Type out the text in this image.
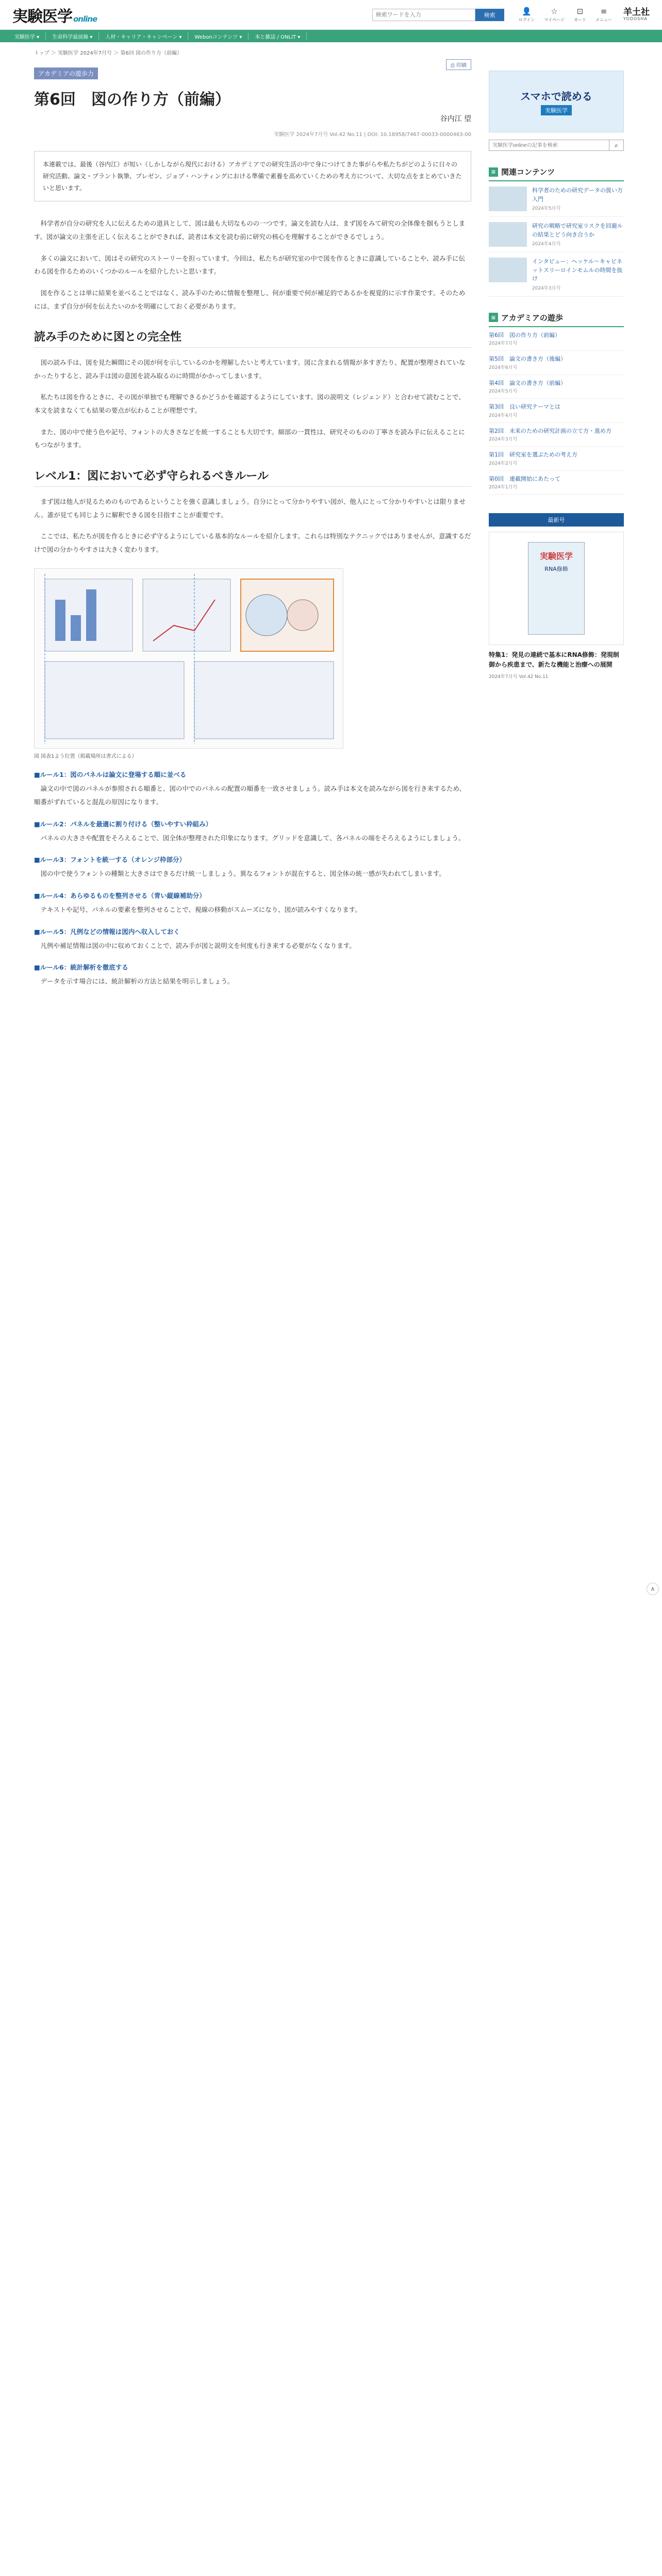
実験医学 online
検索ワードを入力	検索	👤
ログイン
☆
マイページ
⊡
カート
≡
メニュー
羊土社
YODOSHA
実験医学 ▾	生命科学最前線 ▾	人材・キャリア・キャンペーン ▾	Webonコンテンツ ▾	本と雑誌 / ONLIT ▾
トップ ＞ 実験医学 2024年7月号 ＞ 第6回 図の作り方（前編）
アカデミアの遊歩力
⎙ 印刷
第6回　図の作り方（前編）
谷内江 望
実験医学 2024年7月号 Vol.42 No.11 | DOI: 10.18958/7467-00033-0000463-00
本連載では、最後（谷内江）が短い（しかしながら現代における）アカデミアでの研究生活の中で身につけてきた事がらや私たちがどのように日々の研究活動、論文・プラント執筆、プレゼン、ジョブ・ハンティングにおける準備で素養を高めていくための考え方について、大切な点をまとめていきたいと思います。

科学者が自分の研究を人に伝えるための道具として、図は最も大切なものの一つです。論文を読む人は、まず図をみて研究の全体像を掴もうとします。図が論文の主張を正しく伝えることができれば、読者は本文を読む前に研究の核心を理解することができるでしょう。

多くの論文において、図はその研究のストーリーを担っています。今回は、私たちが研究室の中で図を作るときに意識していることや、読み手に伝わる図を作るためのいくつかのルールを紹介したいと思います。

図を作ることは単に結果を並べることではなく、読み手のために情報を整理し、何が重要で何が補足的であるかを視覚的に示す作業です。そのためには、まず自分が何を伝えたいのかを明確にしておく必要があります。

読み手のために図との完全性

図の読み手は、図を見た瞬間にその図が何を示しているのかを理解したいと考えています。図に含まれる情報が多すぎたり、配置が整理されていなかったりすると、読み手は図の意図を読み取るのに時間がかかってしまいます。

私たちは図を作るときに、その図が単独でも理解できるかどうかを確認するようにしています。図の説明文（レジェンド）と合わせて読むことで、本文を読まなくても結果の要点が伝わることが理想です。

また、図の中で使う色や記号、フォントの大きさなどを統一することも大切です。細部の一貫性は、研究そのものの丁寧さを読み手に伝えることにもつながります。

レベル1：図において必ず守られるべきルール

まず図は他人が見るためのものであるということを強く意識しましょう。自分にとって分かりやすい図が、他人にとって分かりやすいとは限りません。誰が見ても同じように解釈できる図を目指すことが重要です。

ここでは、私たちが図を作るときに必ず守るようにしている基本的なルールを紹介します。これらは特別なテクニックではありませんが、意識するだけで図の分かりやすさは大きく変わります。

図 図表1よう位置（掲載場所は書式による）
■ルール1：図のパネルは論文に登場する順に並べる

論文の中で図のパネルが参照される順番と、図の中でのパネルの配置の順番を一致させましょう。読み手は本文を読みながら図を行き来するため、順番がずれていると混乱の原因になります。

■ルール2：パネルを最適に割り付ける（整いやすい枠組み）

パネルの大きさや配置をそろえることで、図全体が整理された印象になります。グリッドを意識して、各パネルの端をそろえるようにしましょう。

■ルール3：フォントを統一する（オレンジ枠部分）

図の中で使うフォントの種類と大きさはできるだけ統一しましょう。異なるフォントが混在すると、図全体の統一感が失われてしまいます。

■ルール4：あらゆるものを整列させる（青い縦線補助分）

テキストや記号、パネルの要素を整列させることで、視線の移動がスムーズになり、図が読みやすくなります。

■ルール5：凡例などの情報は図内へ収入しておく

凡例や補足情報は図の中に収めておくことで、読み手が図と説明文を何度も行き来する必要がなくなります。

■ルール6：統計解析を徹底する

データを示す場合には、統計解析の方法と結果を明示しましょう。

スマホで読める
実験医学
実験医学onlineの記事を検索
⌕
≡ 関連コンテンツ
科学者のための研究データの扱い方入門
2024年5月号
研究の戦略で研究室リスクを回避ルの結果とどう向き合うか
2024年4月号
インタビュー：ヘッケル〜キャビネットスリーロインモムルの時間を抜け
2024年3月号
≡ アカデミアの遊歩
第6回　図の作り方（前編）
2024年7月号
第5回　論文の書き方（後編）
2024年6月号
第4回　論文の書き方（前編）
2024年5月号
第3回　良い研究テーマとは
2024年4月号
第2回　未来のための研究計画の立て方・進め方
2024年3月号
第1回　研究室を選ぶための考え方
2024年2月号
第0回　連載開始にあたって
2024年1月号
最新号
実験医学
RNA修飾
特集1：発見の連続で基本にRNA修飾：発現制御から疾患まで、新たな機能と治療への展開
2024年7月号 Vol.42 No.11
∧
